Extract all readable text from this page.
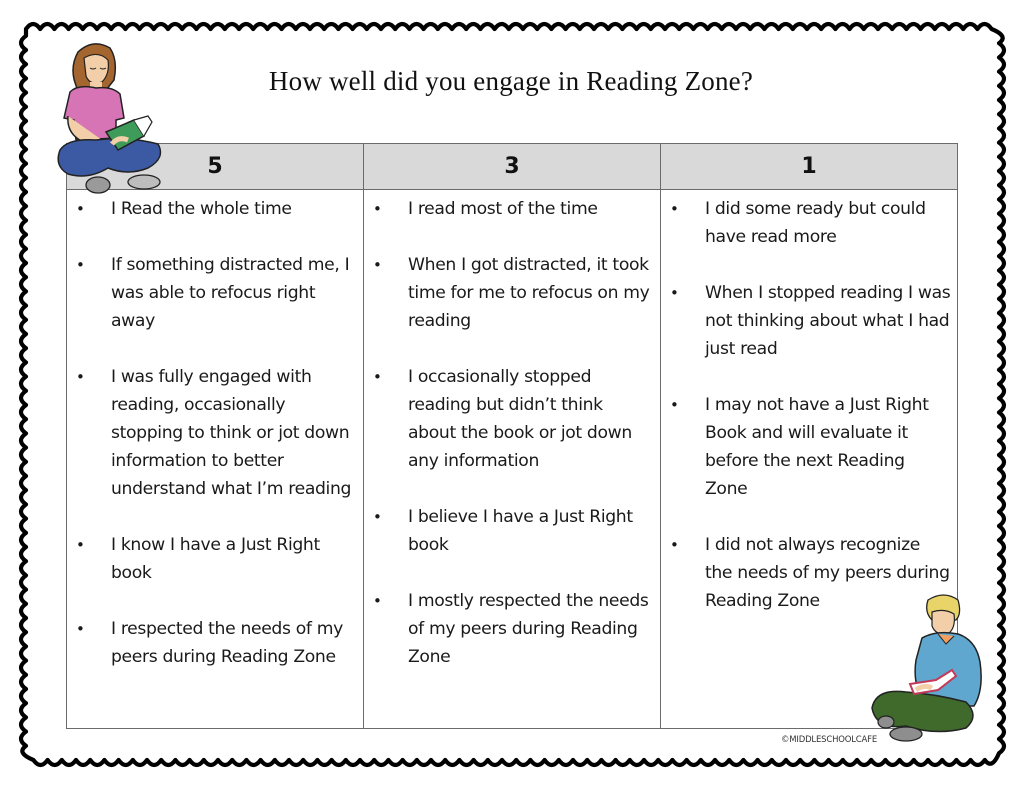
How well did you engage in Reading Zone?
5	3	1

• I Read the whole time
• If something distracted me, I was able to refocus right away
• I was fully engaged with reading, occasionally stopping to think or jot down information to better understand what I’m reading
• I know I have a Just Right book
• I respected the needs of my peers during Reading Zone

• I read most of the time
• When I got distracted, it took time for me to refocus on my reading
• I occasionally stopped reading but didn’t think about the book or jot down any information
• I believe I have a Just Right book
• I mostly respected the needs of my peers during Reading Zone

• I did some ready but could have read more
• When I stopped reading I was not thinking about what I had just read
• I may not have a Just Right Book and will evaluate it before the next Reading Zone
• I did not always recognize the needs of my peers during Reading Zone
©MIDDLESCHOOLCAFE
